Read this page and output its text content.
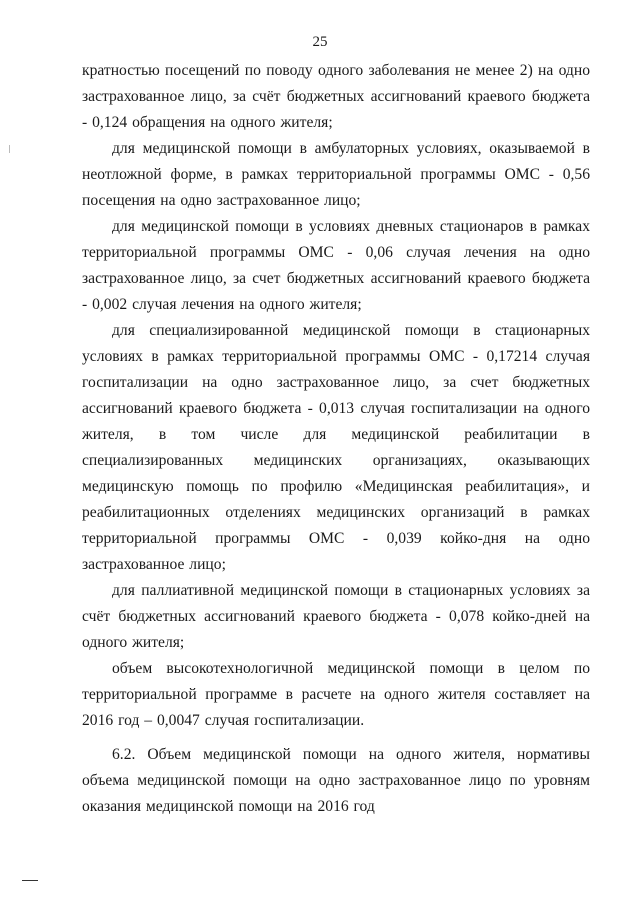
25

кратностью посещений по поводу одного заболевания не менее 2) на одно застрахованное лицо, за счёт бюджетных ассигнований краевого бюджета - 0,124 обращения на одного жителя;

для медицинской помощи в амбулаторных условиях, оказываемой в неотложной форме, в рамках территориальной программы ОМС - 0,56 посещения на одно застрахованное лицо;

для медицинской помощи в условиях дневных стационаров в рамках территориальной программы ОМС - 0,06 случая лечения на одно застрахованное лицо, за счет бюджетных ассигнований краевого бюджета - 0,002 случая лечения на одного жителя;

для специализированной медицинской помощи в стационарных условиях в рамках территориальной программы ОМС - 0,17214 случая госпитализации на одно застрахованное лицо, за счет бюджетных ассигнований краевого бюджета - 0,013 случая госпитализации на одного жителя, в том числе для медицинской реабилитации в специализированных медицинских организациях, оказывающих медицинскую помощь по профилю «Медицинская реабилитация», и реабилитационных отделениях медицинских организаций в рамках территориальной программы ОМС - 0,039 койко-дня на одно застрахованное лицо;

для паллиативной медицинской помощи в стационарных условиях за счёт бюджетных ассигнований краевого бюджета - 0,078 койко-дней на одного жителя;

объем высокотехнологичной медицинской помощи в целом по территориальной программе в расчете на одного жителя составляет на 2016 год – 0,0047 случая госпитализации.

6.2. Объем медицинской помощи на одного жителя, нормативы объема медицинской помощи на одно застрахованное лицо по уровням оказания медицинской помощи на 2016 год
